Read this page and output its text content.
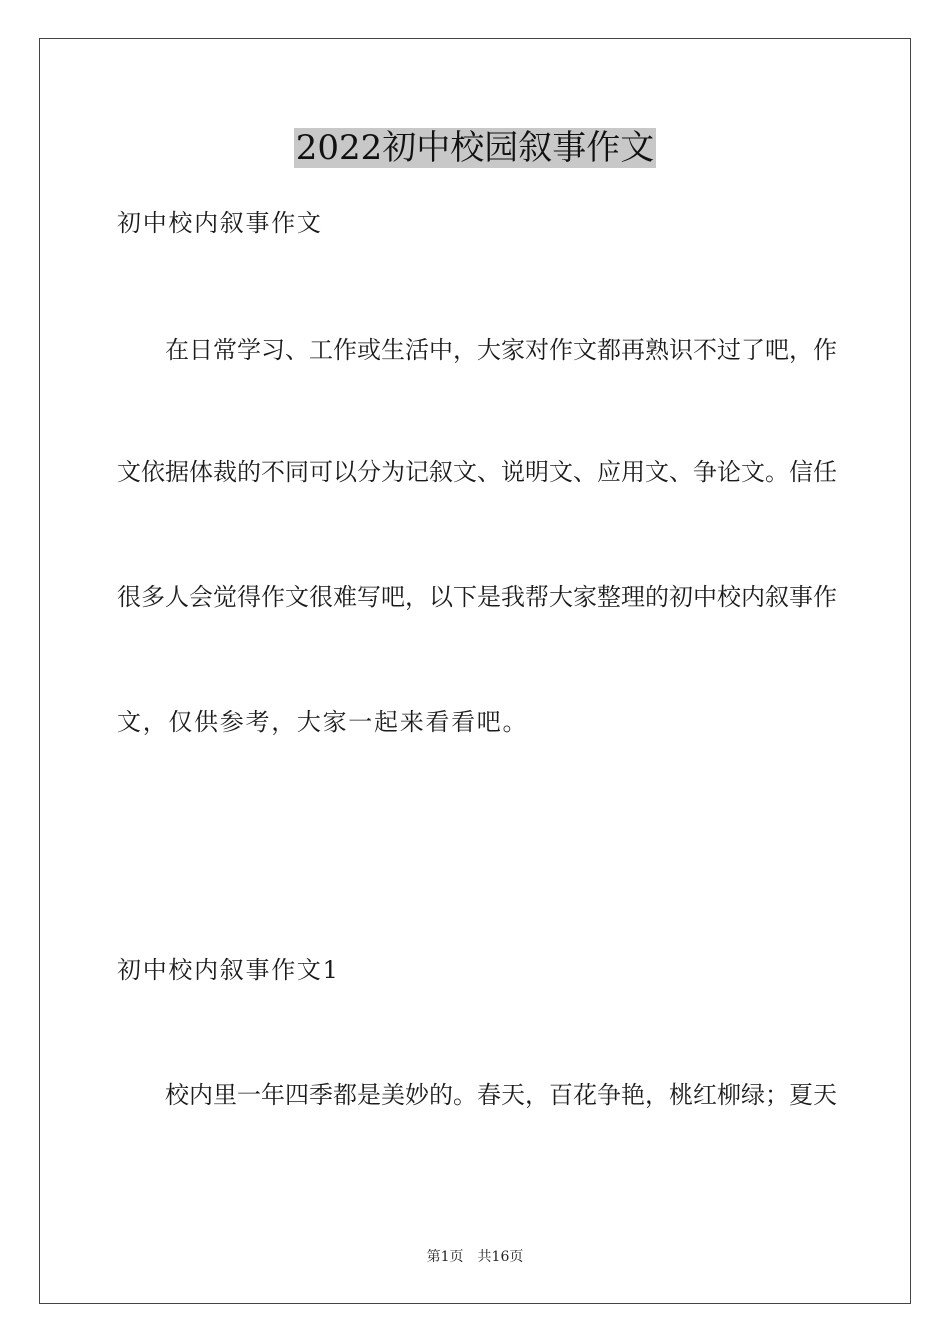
2022初中校园叙事作文
初中校内叙事作文
在日常学习、工作或生活中，大家对作文都再熟识不过了吧，作
文依据体裁的不同可以分为记叙文、说明文、应用文、争论文。信任
很多人会觉得作文很难写吧，以下是我帮大家整理的初中校内叙事作
文，仅供参考，大家一起来看看吧。
初中校内叙事作文1
校内里一年四季都是美妙的。春天，百花争艳，桃红柳绿；夏天
第1页 共16页
